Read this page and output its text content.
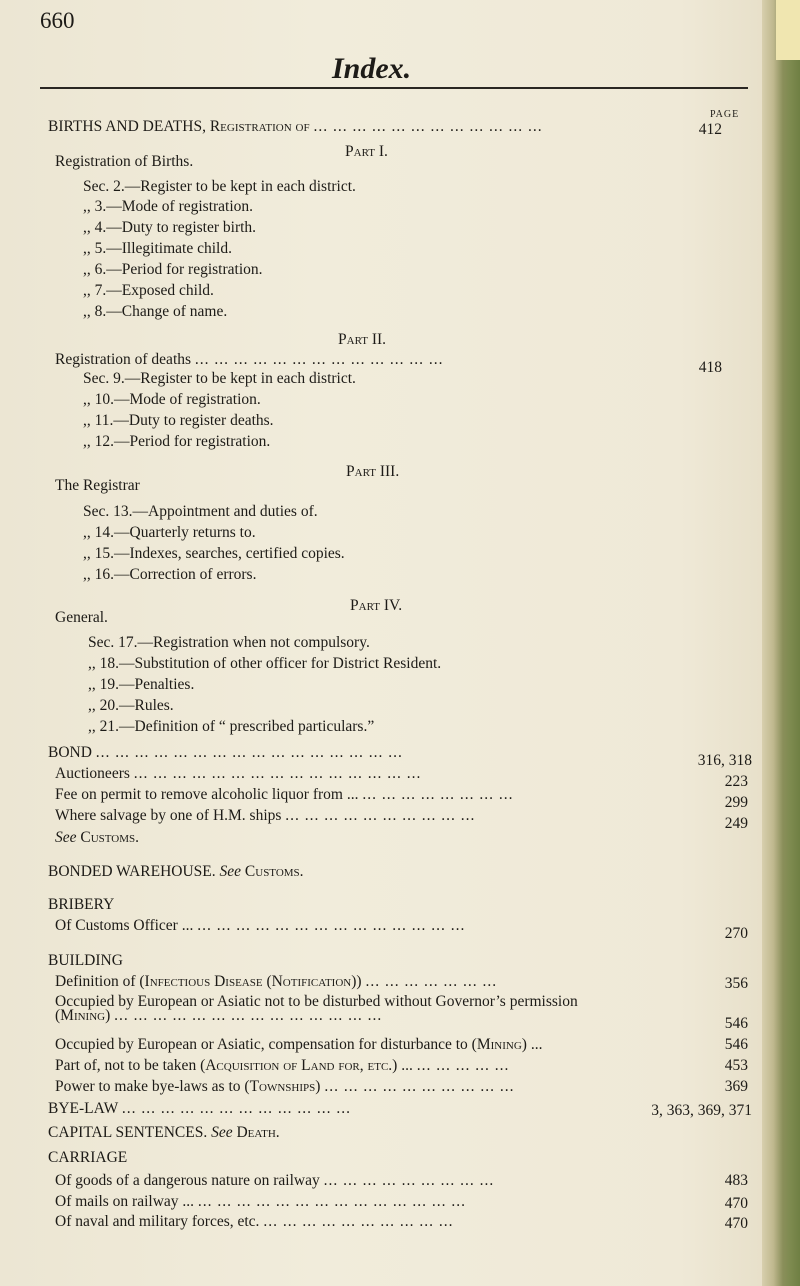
660
Index.
PAGE
BIRTHS AND DEATHS, Registration of ... ... ... ... ... ... ... ... ... ... ... ...	412
Part I.
Registration of Births.
Sec. 2.—Register to be kept in each district.
,, 3.—Mode of registration.
,, 4.—Duty to register birth.
,, 5.—Illegitimate child.
,, 6.—Period for registration.
,, 7.—Exposed child.
,, 8.—Change of name.
Part II.
Registration of deaths ... ... ... ... ... ... ... ... ... ... ... ... ...	418
Sec. 9.—Register to be kept in each district.
,, 10.—Mode of registration.
,, 11.—Duty to register deaths.
,, 12.—Period for registration.
Part III.
The Registrar
Sec. 13.—Appointment and duties of.
,, 14.—Quarterly returns to.
,, 15.—Indexes, searches, certified copies.
,, 16.—Correction of errors.
Part IV.
General.
Sec. 17.—Registration when not compulsory.
,, 18.—Substitution of other officer for District Resident.
,, 19.—Penalties.
,, 20.—Rules.
,, 21.—Definition of “ prescribed particulars.”
BOND ... ... ... ... ... ... ... ... ... ... ... ... ... ... ... ...	316, 318
Auctioneers ... ... ... ... ... ... ... ... ... ... ... ... ... ... ...	223
Fee on permit to remove alcoholic liquor from ... ... ... ... ... ... ... ... ...	299
Where salvage by one of H.M. ships ... ... ... ... ... ... ... ... ... ...	249
See Customs.
BONDED WAREHOUSE. See Customs.
BRIBERY
Of Customs Officer ... ... ... ... ... ... ... ... ... ... ... ... ... ... ...	270
BUILDING
Definition of (Infectious Disease (Notification)) ... ... ... ... ... ... ...	356
Occupied by European or Asiatic not to be disturbed without Governor’s permission
(Mining) ... ... ... ... ... ... ... ... ... ... ... ... ... ...	546
Occupied by European or Asiatic, compensation for disturbance to (Mining) ...	546
Part of, not to be taken (Acquisition of Land for, etc.) ... ... ... ... ... ...	453
Power to make bye-laws as to (Townships) ... ... ... ... ... ... ... ... ... ...	369
BYE-LAW ... ... ... ... ... ... ... ... ... ... ... ...	3, 363, 369, 371
CAPITAL SENTENCES. See Death.
CARRIAGE
Of goods of a dangerous nature on railway ... ... ... ... ... ... ... ... ...	483
Of mails on railway ... ... ... ... ... ... ... ... ... ... ... ... ... ... ...	470
Of naval and military forces, etc. ... ... ... ... ... ... ... ... ... ...	470
